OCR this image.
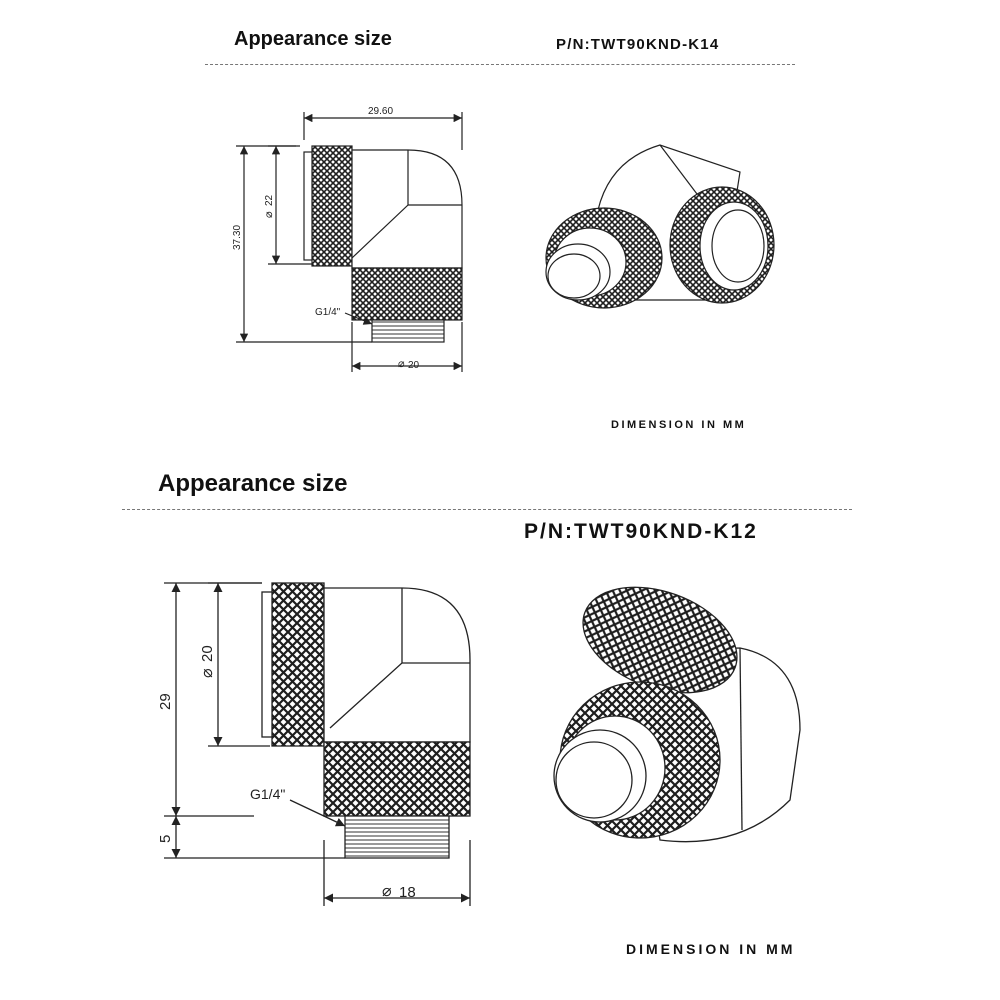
Appearance size	P/N:TWT90KND-K14
29.60
37.30
⌀
22
⌀ 20
G1/4"
DIMENSION IN MM
Appearance size
P/N:TWT90KND-K12
29
5
⌀
20
⌀ 18
G1/4"
DIMENSION IN MM
